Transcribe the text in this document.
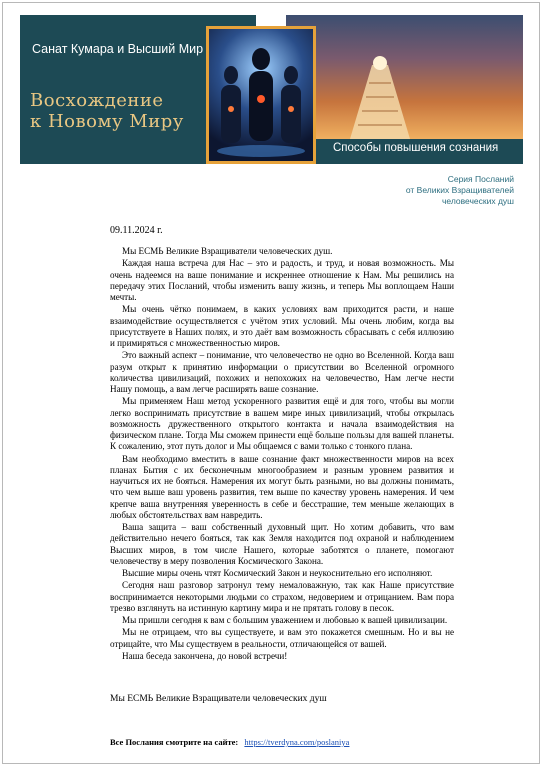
Санат Кумара и Высший Мир
Восхождение
к Новому Миру
Способы повышения сознания
Серия Посланий
от Великих Взращивателей
человеческих душ
09.11.2024 г.

Мы ЕСМЬ Великие Взращиватели человеческих душ.

Каждая наша встреча для Нас – это и радость, и труд, и новая возможность. Мы очень надеемся на ваше понимание и искреннее отношение к Нам. Мы решились на передачу этих Посланий, чтобы изменить вашу жизнь, и теперь Мы воплощаем Наши мечты.

Мы очень чётко понимаем, в каких условиях вам приходится расти, и наше взаимодействие осуществляется с учётом этих условий. Мы очень любим, когда вы присутствуете в Наших полях, и это даёт вам возможность сбрасывать с себя иллюзию и примиряться с множественностью миров.

Это важный аспект – понимание, что человечество не одно во Вселенной. Когда ваш разум открыт к принятию информации о присутствии во Вселенной огромного количества цивилизаций, похожих и непохожих на человечество, Нам легче нести Нашу помощь, а вам легче расширять ваше сознание.

Мы применяем Наш метод ускоренного развития ещё и для того, чтобы вы могли легко воспринимать присутствие в вашем мире иных цивилизаций, чтобы открылась возможность дружественного открытого контакта и начала взаимодействия на физическом плане. Тогда Мы сможем принести ещё больше пользы для вашей планеты. К сожалению, этот путь долог и Мы общаемся с вами только с тонкого плана.

Вам необходимо вместить в ваше сознание факт множественности миров на всех планах Бытия с их бесконечным многообразием и разным уровнем развития и научиться их не бояться. Намерения их могут быть разными, но вы должны понимать, что чем выше ваш уровень развития, тем выше по качеству уровень намерения. И чем крепче ваша внутренняя уверенность в себе и бесстрашие, тем меньше желающих в любых обстоятельствах вам навредить.

Ваша защита – ваш собственный духовный щит. Но хотим добавить, что вам действительно нечего бояться, так как Земля находится под охраной и наблюдением Высших миров, в том числе Нашего, которые заботятся о планете, помогают человечеству в меру позволения Космического Закона.

Высшие миры очень чтят Космический Закон и неукоснительно его исполняют.

Сегодня наш разговор затронул тему немаловажную, так как Наше присутствие воспринимается некоторыми людьми со страхом, недоверием и отрицанием. Вам пора трезво взглянуть на истинную картину мира и не прятать голову в песок.

Мы пришли сегодня к вам с большим уважением и любовью к вашей цивилизации.

Мы не отрицаем, что вы существуете, и вам это покажется смешным. Но и вы не отрицайте, что Мы существуем в реальности, отличающейся от вашей.

Наша беседа закончена, до новой встречи!

Мы ЕСМЬ Великие Взращиватели человеческих душ
Все Послания смотрите на сайте: https://tverdyna.com/poslaniya
